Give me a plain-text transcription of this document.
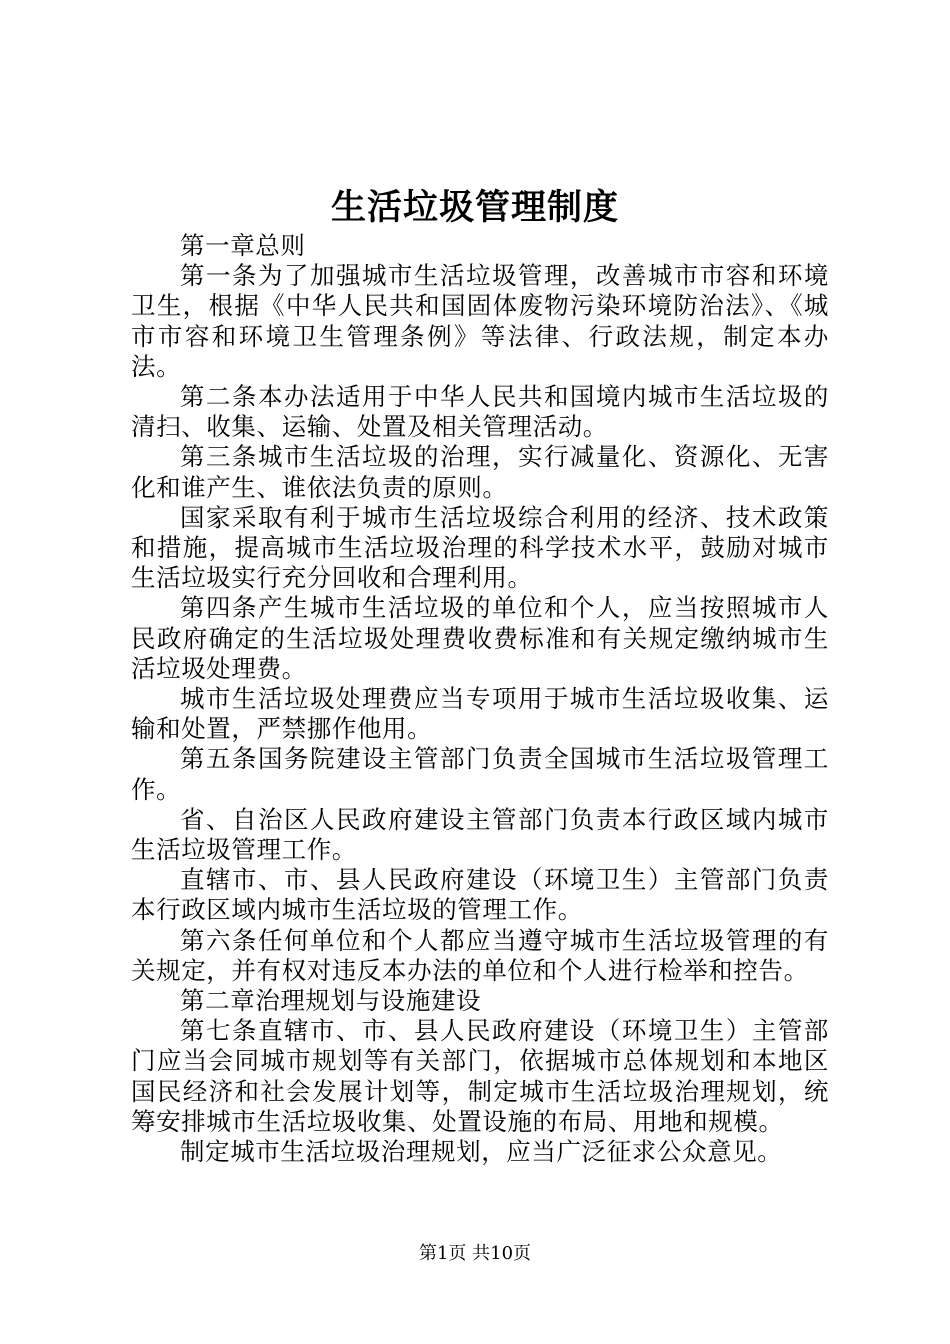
生活垃圾管理制度

第一章总则

第一条为了加强城市生活垃圾管理，改善城市市容和环境卫生，根据《中华人民共和国固体废物污染环境防治法》、《城市市容和环境卫生管理条例》等法律、行政法规，制定本办法。

第二条本办法适用于中华人民共和国境内城市生活垃圾的清扫、收集、运输、处置及相关管理活动。

第三条城市生活垃圾的治理，实行减量化、资源化、无害化和谁产生、谁依法负责的原则。

国家采取有利于城市生活垃圾综合利用的经济、技术政策和措施，提高城市生活垃圾治理的科学技术水平，鼓励对城市生活垃圾实行充分回收和合理利用。

第四条产生城市生活垃圾的单位和个人，应当按照城市人民政府确定的生活垃圾处理费收费标准和有关规定缴纳城市生活垃圾处理费。

城市生活垃圾处理费应当专项用于城市生活垃圾收集、运输和处置，严禁挪作他用。

第五条国务院建设主管部门负责全国城市生活垃圾管理工作。

省、自治区人民政府建设主管部门负责本行政区域内城市生活垃圾管理工作。

直辖市、市、县人民政府建设（环境卫生）主管部门负责本行政区域内城市生活垃圾的管理工作。

第六条任何单位和个人都应当遵守城市生活垃圾管理的有关规定，并有权对违反本办法的单位和个人进行检举和控告。

第二章治理规划与设施建设

第七条直辖市、市、县人民政府建设（环境卫生）主管部门应当会同城市规划等有关部门，依据城市总体规划和本地区国民经济和社会发展计划等，制定城市生活垃圾治理规划，统筹安排城市生活垃圾收集、处置设施的布局、用地和规模。

制定城市生活垃圾治理规划，应当广泛征求公众意见。

第1页 共10页
